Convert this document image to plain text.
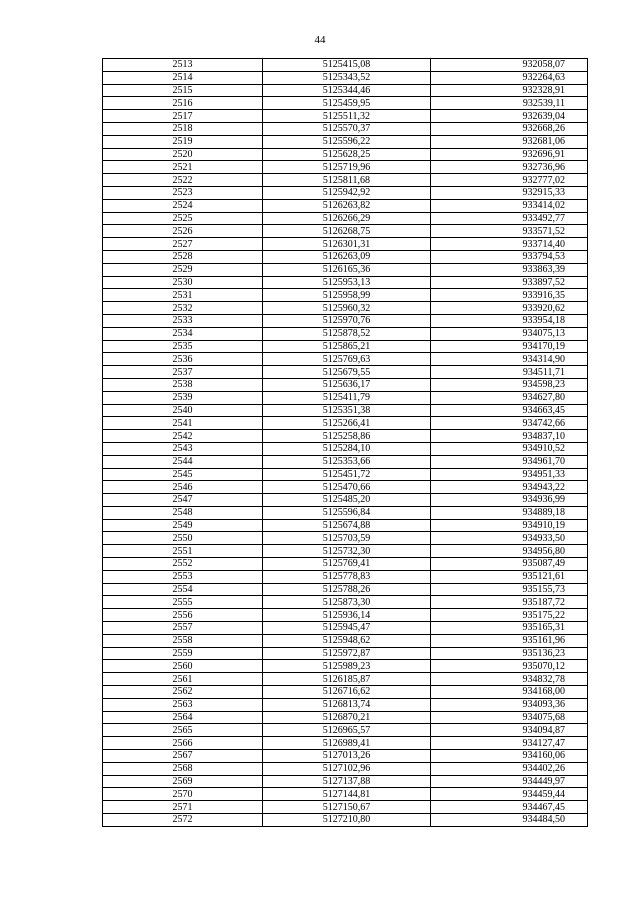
44
2513	5125415,08	932058,07
2514	5125343,52	932264,63
2515	5125344,46	932328,91
2516	5125459,95	932539,11
2517	5125511,32	932639,04
2518	5125570,37	932668,26
2519	5125596,22	932681,06
2520	5125628,25	932696,91
2521	5125719,96	932736,96
2522	5125811,68	932777,02
2523	5125942,92	932915,33
2524	5126263,82	933414,02
2525	5126266,29	933492,77
2526	5126268,75	933571,52
2527	5126301,31	933714,40
2528	5126263,09	933794,53
2529	5126165,36	933863,39
2530	5125953,13	933897,52
2531	5125958,99	933916,35
2532	5125960,32	933920,62
2533	5125970,76	933954,18
2534	5125878,52	934075,13
2535	5125865,21	934170,19
2536	5125769,63	934314,90
2537	5125679,55	934511,71
2538	5125636,17	934598,23
2539	5125411,79	934627,80
2540	5125351,38	934663,45
2541	5125266,41	934742,66
2542	5125258,86	934837,10
2543	5125284,10	934910,52
2544	5125353,66	934961,70
2545	5125451,72	934951,33
2546	5125470,66	934943,22
2547	5125485,20	934936,99
2548	5125596,84	934889,18
2549	5125674,88	934910,19
2550	5125703,59	934933,50
2551	5125732,30	934956,80
2552	5125769,41	935087,49
2553	5125778,83	935121,61
2554	5125788,26	935155,73
2555	5125873,30	935187,72
2556	5125936,14	935175,22
2557	5125945,47	935165,31
2558	5125948,62	935161,96
2559	5125972,87	935136,23
2560	5125989,23	935070,12
2561	5126185,87	934832,78
2562	5126716,62	934168,00
2563	5126813,74	934093,36
2564	5126870,21	934075,68
2565	5126965,57	934094,87
2566	5126989,41	934127,47
2567	5127013,26	934160,06
2568	5127102,96	934402,26
2569	5127137,88	934449,97
2570	5127144,81	934459,44
2571	5127150,67	934467,45
2572	5127210,80	934484,50
